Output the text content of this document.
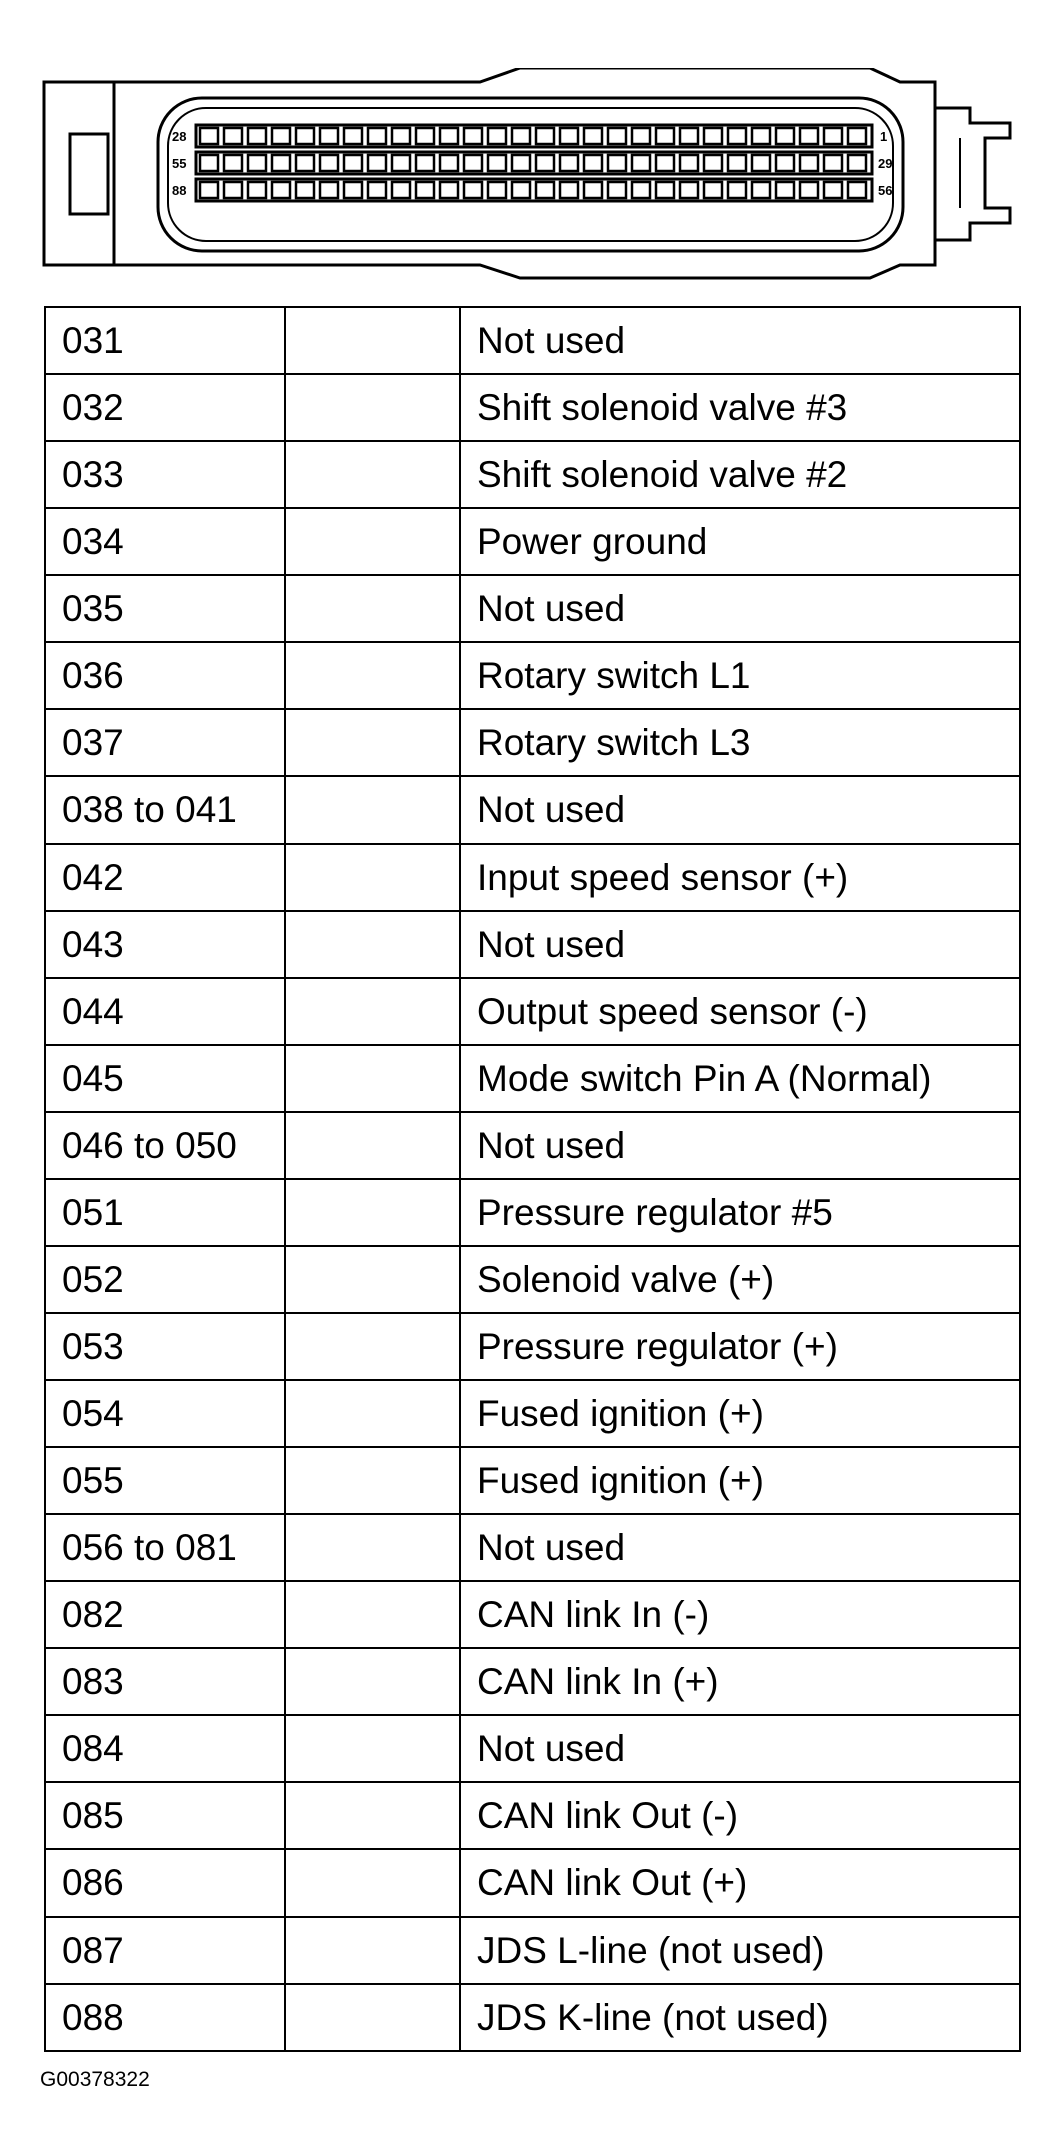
28
55
88
1
29
56
031		Not used
032		Shift solenoid valve #3
033		Shift solenoid valve #2
034		Power ground
035		Not used
036		Rotary switch L1
037		Rotary switch L3
038 to 041		Not used
042		Input speed sensor (+)
043		Not used
044		Output speed sensor (-)
045		Mode switch Pin A (Normal)
046 to 050		Not used
051		Pressure regulator #5
052		Solenoid valve (+)
053		Pressure regulator (+)
054		Fused ignition (+)
055		Fused ignition (+)
056 to 081		Not used
082		CAN link In (-)
083		CAN link In (+)
084		Not used
085		CAN link Out (-)
086		CAN link Out (+)
087		JDS L-line (not used)
088		JDS K-line (not used)
G00378322
